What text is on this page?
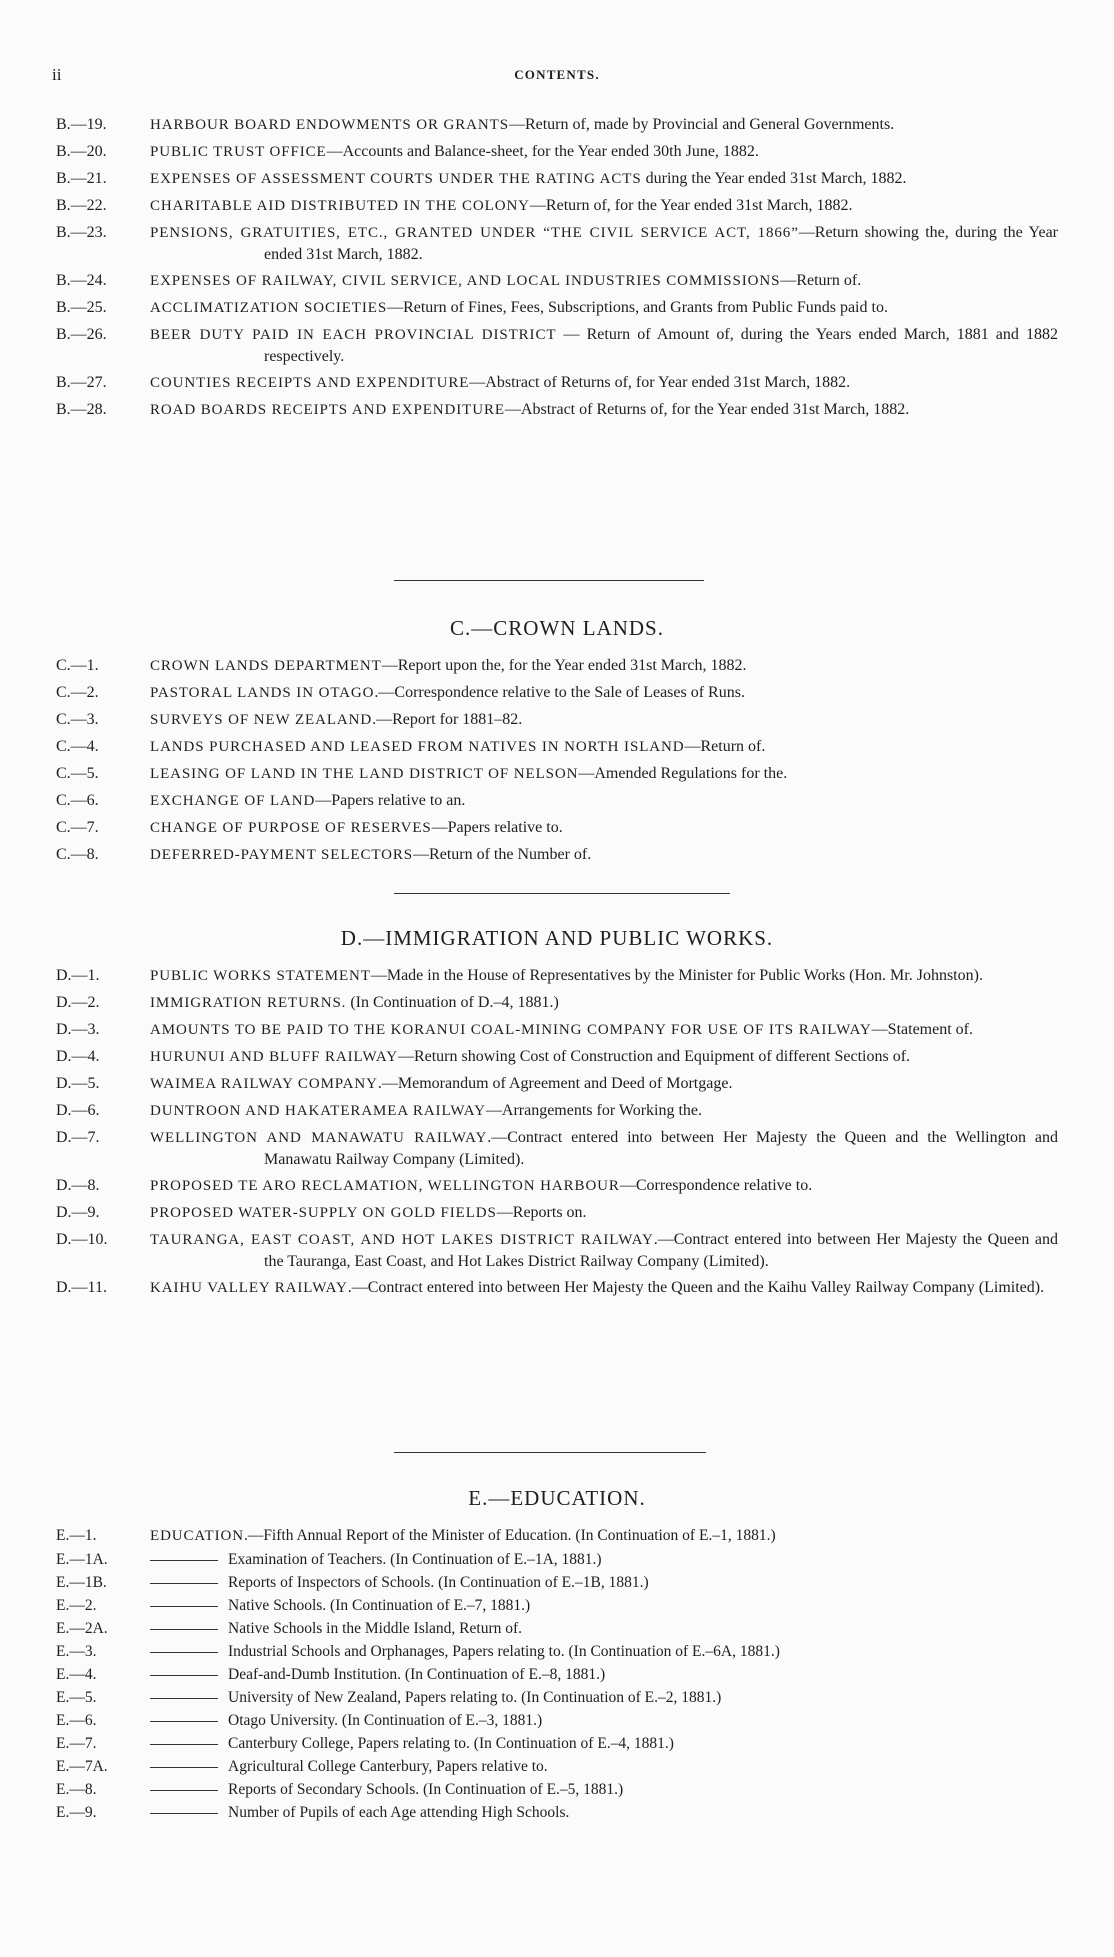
ii	CONTENTS.
B.—19.	HARBOUR BOARD ENDOWMENTS OR GRANTS—Return of, made by Provincial and General Governments.
B.—20.	PUBLIC TRUST OFFICE—Accounts and Balance-sheet, for the Year ended 30th June, 1882.
B.—21.	EXPENSES OF ASSESSMENT COURTS UNDER THE RATING ACTS during the Year ended 31st March, 1882.
B.—22.	CHARITABLE AID DISTRIBUTED IN THE COLONY—Return of, for the Year ended 31st March, 1882.
B.—23.	PENSIONS, GRATUITIES, ETC., GRANTED UNDER “THE CIVIL SERVICE ACT, 1866”—Return showing the, during the Year ended 31st March, 1882.
B.—24.	EXPENSES OF RAILWAY, CIVIL SERVICE, AND LOCAL INDUSTRIES COMMISSIONS—Return of.
B.—25.	ACCLIMATIZATION SOCIETIES—Return of Fines, Fees, Subscriptions, and Grants from Public Funds paid to.
B.—26.	BEER DUTY PAID IN EACH PROVINCIAL DISTRICT — Return of Amount of, during the Years ended March, 1881 and 1882 respectively.
B.—27.	COUNTIES RECEIPTS AND EXPENDITURE—Abstract of Returns of, for Year ended 31st March, 1882.
B.—28.	ROAD BOARDS RECEIPTS AND EXPENDITURE—Abstract of Returns of, for the Year ended 31st March, 1882.
C.—CROWN LANDS.
C.—1.	CROWN LANDS DEPARTMENT—Report upon the, for the Year ended 31st March, 1882.
C.—2.	PASTORAL LANDS IN OTAGO.—Correspondence relative to the Sale of Leases of Runs.
C.—3.	SURVEYS OF NEW ZEALAND.—Report for 1881–82.
C.—4.	LANDS PURCHASED AND LEASED FROM NATIVES IN NORTH ISLAND—Return of.
C.—5.	LEASING OF LAND IN THE LAND DISTRICT OF NELSON—Amended Regulations for the.
C.—6.	EXCHANGE OF LAND—Papers relative to an.
C.—7.	CHANGE OF PURPOSE OF RESERVES—Papers relative to.
C.—8.	DEFERRED-PAYMENT SELECTORS—Return of the Number of.
D.—IMMIGRATION AND PUBLIC WORKS.
D.—1.	PUBLIC WORKS STATEMENT—Made in the House of Representatives by the Minister for Public Works (Hon. Mr. Johnston).
D.—2.	IMMIGRATION RETURNS. (In Continuation of D.–4, 1881.)
D.—3.	AMOUNTS TO BE PAID TO THE KORANUI COAL-MINING COMPANY FOR USE OF ITS RAILWAY—Statement of.
D.—4.	HURUNUI AND BLUFF RAILWAY—Return showing Cost of Construction and Equipment of different Sections of.
D.—5.	WAIMEA RAILWAY COMPANY.—Memorandum of Agreement and Deed of Mortgage.
D.—6.	DUNTROON AND HAKATERAMEA RAILWAY—Arrangements for Working the.
D.—7.	WELLINGTON AND MANAWATU RAILWAY.—Contract entered into between Her Majesty the Queen and the Wellington and Manawatu Railway Company (Limited).
D.—8.	PROPOSED TE ARO RECLAMATION, WELLINGTON HARBOUR—Correspondence relative to.
D.—9.	PROPOSED WATER-SUPPLY ON GOLD FIELDS—Reports on.
D.—10.	TAURANGA, EAST COAST, AND HOT LAKES DISTRICT RAILWAY.—Contract entered into between Her Majesty the Queen and the Tauranga, East Coast, and Hot Lakes District Railway Company (Limited).
D.—11.	KAIHU VALLEY RAILWAY.—Contract entered into between Her Majesty the Queen and the Kaihu Valley Railway Company (Limited).
E.—EDUCATION.
E.—1.	EDUCATION.—Fifth Annual Report of the Minister of Education. (In Continuation of E.–1, 1881.)
E.—1A.	Examination of Teachers. (In Continuation of E.–1A, 1881.)
E.—1B.	Reports of Inspectors of Schools. (In Continuation of E.–1B, 1881.)
E.—2.	Native Schools. (In Continuation of E.–7, 1881.)
E.—2A.	Native Schools in the Middle Island, Return of.
E.—3.	Industrial Schools and Orphanages, Papers relating to. (In Continuation of E.–6A, 1881.)
E.—4.	Deaf-and-Dumb Institution. (In Continuation of E.–8, 1881.)
E.—5.	University of New Zealand, Papers relating to. (In Continuation of E.–2, 1881.)
E.—6.	Otago University. (In Continuation of E.–3, 1881.)
E.—7.	Canterbury College, Papers relating to. (In Continuation of E.–4, 1881.)
E.—7A.	Agricultural College Canterbury, Papers relative to.
E.—8.	Reports of Secondary Schools. (In Continuation of E.–5, 1881.)
E.—9.	Number of Pupils of each Age attending High Schools.
